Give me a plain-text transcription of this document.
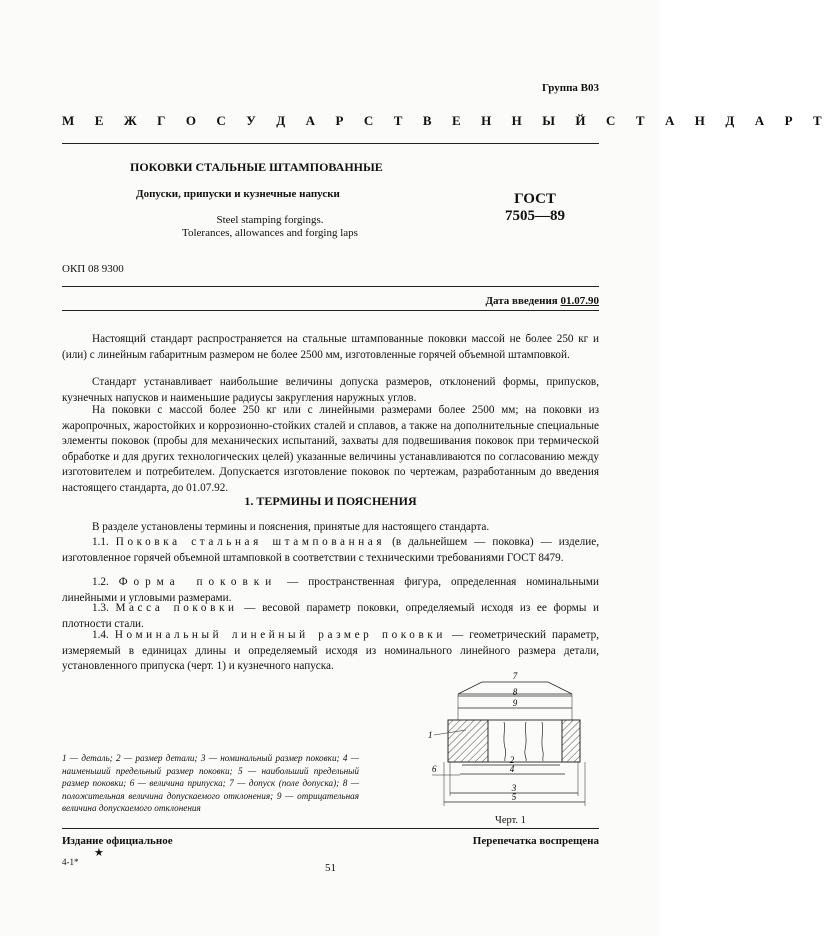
Группа В03
М Е Ж Г О С У Д А Р С Т В Е Н Н Ы Й С Т А Н Д А Р Т
ПОКОВКИ СТАЛЬНЫЕ ШТАМПОВАННЫЕ
Допуски, припуски и кузнечные напуски
Steel stamping forgings.
Tolerances, allowances and forging laps
ГОСТ
7505—89
ОКП 08 9300
Дата введения 01.07.90
Настоящий стандарт распространяется на стальные штампованные поковки массой не более 250 кг и (или) с линейным габаритным размером не более 2500 мм, изготовленные горячей объемной штамповкой.
Стандарт устанавливает наибольшие величины допуска размеров, отклонений формы, припусков, кузнечных напусков и наименьшие радиусы закругления наружных углов.
На поковки с массой более 250 кг или с линейными размерами более 2500 мм; на поковки из жаропрочных, жаростойких и коррозионно-стойких сталей и сплавов, а также на дополнительные специальные элементы поковок (пробы для механических испытаний, захваты для подвешивания поковок при термической обработке и для других технологических целей) указанные величины устанавливаются по согласованию между изготовителем и потребителем. Допускается изготовление поковок по чертежам, разработанным до введения настоящего стандарта, до 01.07.92.
1. ТЕРМИНЫ И ПОЯСНЕНИЯ
В разделе установлены термины и пояснения, принятые для настоящего стандарта.
1.1. Поковка стальная штампованная (в дальнейшем — поковка) — изделие, изготовленное горячей объемной штамповкой в соответствии с техническими требованиями ГОСТ 8479.
1.2. Форма поковки — пространственная фигура, определенная номинальными линейными и угловыми размерами.
1.3. Масса поковки — весовой параметр поковки, определяемый исходя из ее формы и плотности стали.
1.4. Номинальный линейный размер поковки — геометрический параметр, измеряемый в единицах длины и определяемый исходя из номинального линейного размера детали, установленного припуска (черт. 1) и кузнечного напуска.
1 — деталь; 2 — размер детали; 3 — номинальный размер поковки; 4 — наименьший предельный размер поковки; 5 — наибольший предельный размер поковки; 6 — величина припуска; 7 — допуск (поле допуска); 8 — положительная величина допускаемого отклонения; 9 — отрицательная величина допускаемого отклонения
7
8
9
1
2
4
3
5
6
Черт. 1
Издание официальное
★
Перепечатка воспрещена
4-1*	51
